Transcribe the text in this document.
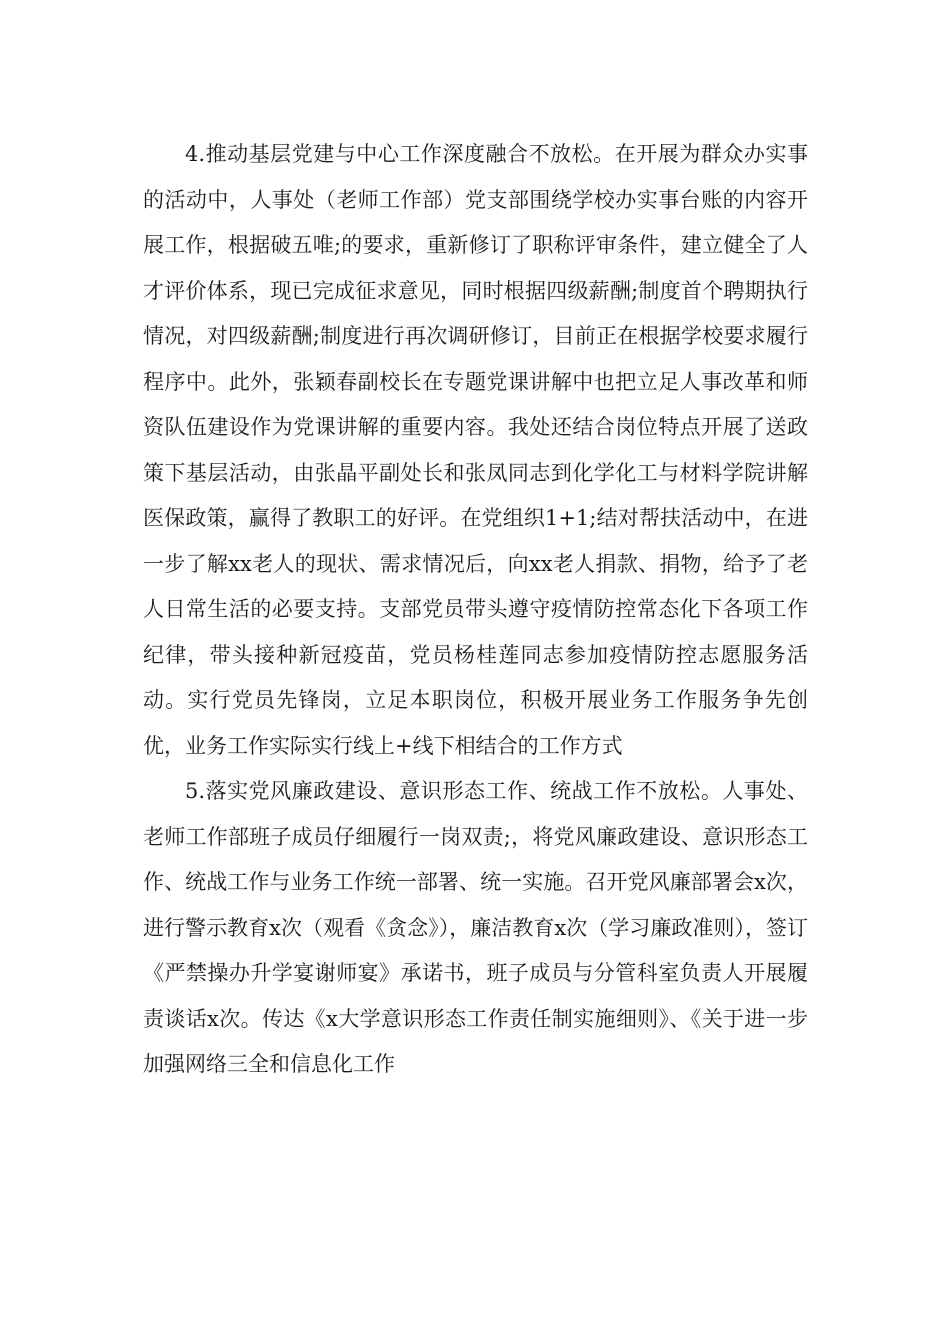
4.推动基层党建与中心工作深度融合不放松。在开展为群众办实事的活动中，人事处（老师工作部）党支部围绕学校办实事台账的内容开展工作，根据破五唯;的要求，重新修订了职称评审条件，建立健全了人才评价体系，现已完成征求意见，同时根据四级薪酬;制度首个聘期执行情况，对四级薪酬;制度进行再次调研修订，目前正在根据学校要求履行程序中。此外，张颖春副校长在专题党课讲解中也把立足人事改革和师资队伍建设作为党课讲解的重要内容。我处还结合岗位特点开展了送政策下基层活动，由张晶平副处长和张凤同志到化学化工与材料学院讲解医保政策，赢得了教职工的好评。在党组织1+1;结对帮扶活动中，在进一步了解xx老人的现状、需求情况后，向xx老人捐款、捐物，给予了老人日常生活的必要支持。支部党员带头遵守疫情防控常态化下各项工作纪律，带头接种新冠疫苗，党员杨桂莲同志参加疫情防控志愿服务活动。实行党员先锋岗，立足本职岗位，积极开展业务工作服务争先创优，业务工作实际实行线上+线下相结合的工作方式

5.落实党风廉政建设、意识形态工作、统战工作不放松。人事处、老师工作部班子成员仔细履行一岗双责;，将党风廉政建设、意识形态工作、统战工作与业务工作统一部署、统一实施。召开党风廉部署会x次，进行警示教育x次（观看《贪念》），廉洁教育x次（学习廉政准则），签订《严禁操办升学宴谢师宴》承诺书，班子成员与分管科室负责人开展履责谈话x次。传达《x大学意识形态工作责任制实施细则》、《关于进一步加强网络三全和信息化工作
